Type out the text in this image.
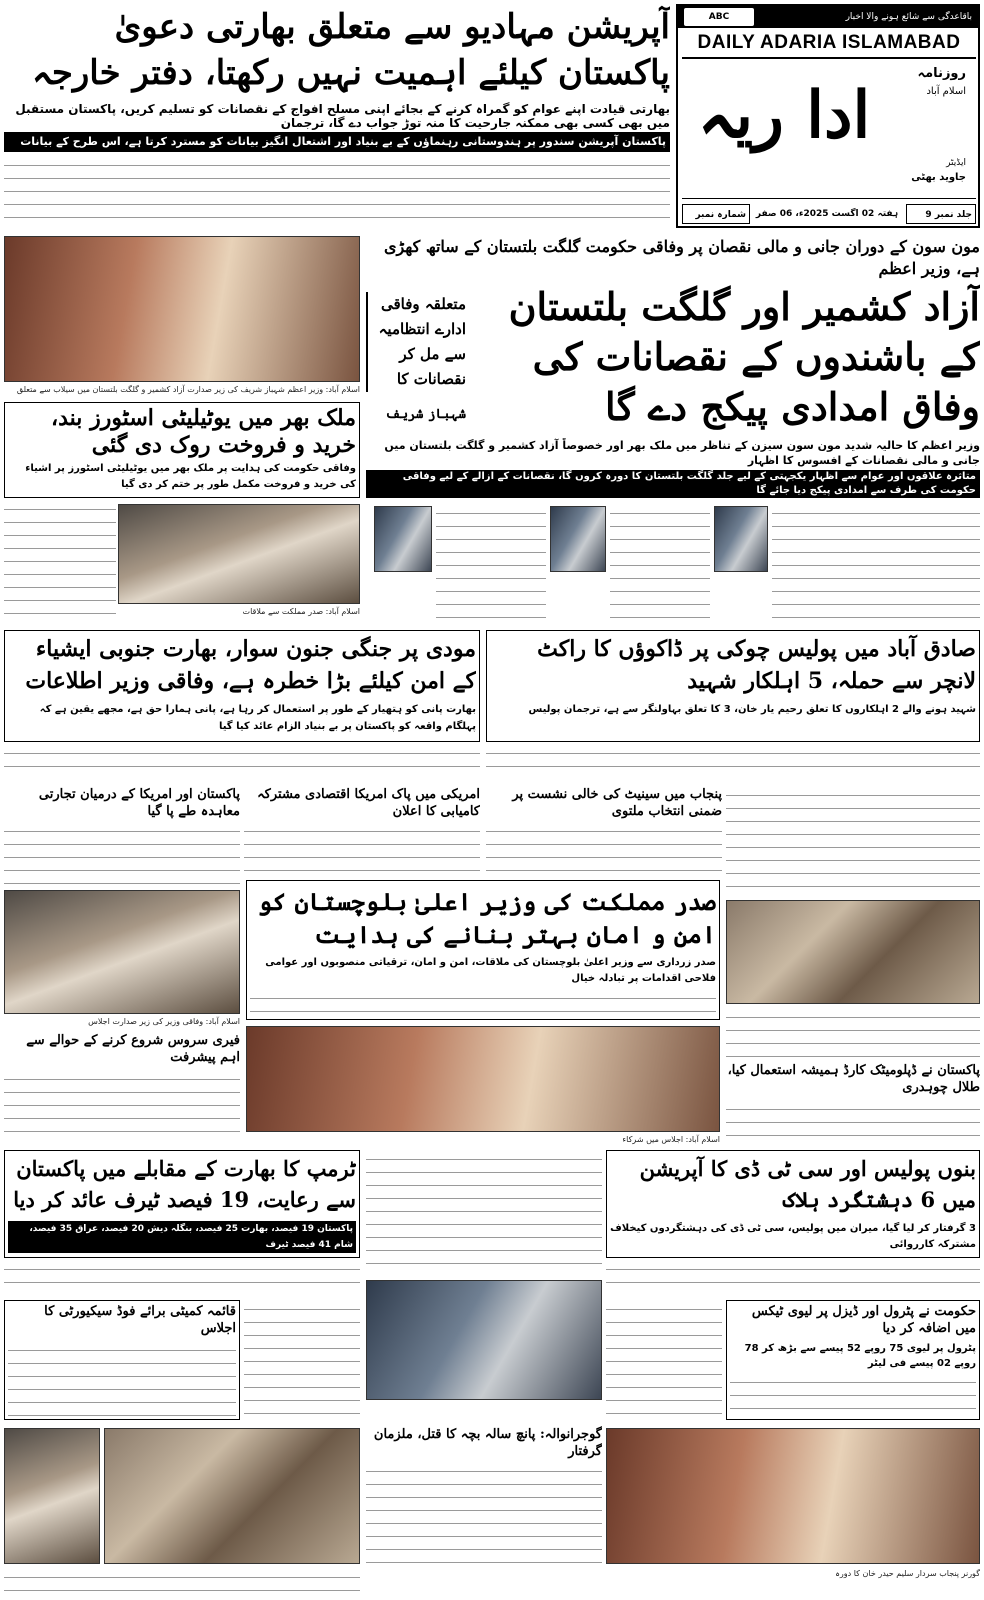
ABC	باقاعدگی سے شائع ہونے والا اخبار
DAILY ADARIA ISLAMABAD
روزنامہ
اسلام آباد
ادا ریہ
ایڈیٹر
جاوید بھٹی
جلد نمبر 9
ہفتہ 02 اگست 2025ء، 06 صفر
شمارہ نمبر
آپریشن مہادیو سے متعلق بھارتی دعویٰ پاکستان کیلئے اہمیت نہیں رکھتا، دفتر خارجہ
بھارتی قیادت اپنے عوام کو گمراہ کرنے کے بجائے اپنی مسلح افواج کے نقصانات کو تسلیم کریں، پاکستان مستقبل میں بھی کسی بھی ممکنہ جارحیت کا منہ توڑ جواب دے گا، ترجمان
پاکستان آپریشن سندور پر ہندوستانی رہنماؤں کے بے بنیاد اور اشتعال انگیز بیانات کو مسترد کرتا ہے، اس طرح کے بیانات
اسلام آباد: وزیر اعظم شہباز شریف کی زیر صدارت آزاد کشمیر و گلگت بلتستان میں سیلاب سے متعلق
ملک بھر میں یوٹیلیٹی اسٹورز بند، خرید و فروخت روک دی گئی
وفاقی حکومت کی ہدایت پر ملک بھر میں یوٹیلیٹی اسٹورز پر اشیاء کی خرید و فروخت مکمل طور پر ختم کر دی گیا
اسلام آباد: صدر مملکت سے ملاقات
مون سون کے دوران جانی و مالی نقصان پر وفاقی حکومت گلگت بلتستان کے ساتھ کھڑی ہے، وزیر اعظم
آزاد کشمیر اور گلگت بلتستان کے باشندوں کے نقصانات کی وفاق امدادی پیکج دے گا
متعلقہ وفاقی ادارے انتظامیہ سے مل کر نقصانات کا
شہباز شریف
وزیر اعظم کا حالیہ شدید مون سون سیزن کے تناظر میں ملک بھر اور خصوصاً آزاد کشمیر و گلگت بلتستان میں جانی و مالی نقصانات کے افسوس کا اظہار
متاثرہ علاقوں اور عوام سے اظہار یکجہتی کے لیے جلد گلگت بلتستان کا دورہ کروں گا، نقصانات کے ازالے کے لیے وفاقی حکومت کی طرف سے امدادی پیکج دیا جائے گا
مودی پر جنگی جنون سوار، بھارت جنوبی ایشیاء کے امن کیلئے بڑا خطرہ ہے، وفاقی وزیر اطلاعات
بھارت پانی کو ہتھیار کے طور پر استعمال کر رہا ہے، پانی ہمارا حق ہے، مجھے یقین ہے کہ پہلگام واقعہ کو پاکستان پر بے بنیاد الزام عائد کیا گیا
صادق آباد میں پولیس چوکی پر ڈاکوؤں کا راکٹ لانچر سے حملہ، 5 اہلکار شہید
شہید ہونے والے 2 اہلکاروں کا تعلق رحیم یار خان، 3 کا تعلق بہاولنگر سے ہے، ترجمان پولیس
پاکستان اور امریکا کے درمیان تجارتی معاہدہ طے پا گیا
امریکی میں پاک امریکا اقتصادی مشترکہ کامیابی کا اعلان
پنجاب میں سینیٹ کی خالی نشست پر ضمنی انتخاب ملتوی
اسلام آباد: وفاقی وزیر کی زیر صدارت اجلاس
صدر مملکت کی وزیر اعلیٰ بلوچستان کو امن و امان بہتر بنانے کی ہدایت
صدر زرداری سے وزیر اعلیٰ بلوچستان کی ملاقات، امن و امان، ترقیاتی منصوبوں اور عوامی فلاحی اقدامات پر تبادلہ خیال
فیری سروس شروع کرنے کے حوالے سے اہم پیشرفت
اسلام آباد: اجلاس میں شرکاء
پاکستان نے ڈپلومیٹک کارڈ ہمیشہ استعمال کیا، طلال چوہدری
ٹرمپ کا بھارت کے مقابلے میں پاکستان سے رعایت، 19 فیصد ٹیرف عائد کر دیا
پاکستان 19 فیصد، بھارت 25 فیصد، بنگلہ دیش 20 فیصد، عراق 35 فیصد، شام 41 فیصد ٹیرف
بنوں پولیس اور سی ٹی ڈی کا آپریشن میں 6 دہشتگرد ہلاک
3 گرفتار کر لیا گیا، میران میں پولیس، سی ٹی ڈی کی دہشتگردوں کیخلاف مشترکہ کارروائی
قائمہ کمیٹی برائے فوڈ سیکیورٹی کا اجلاس
حکومت نے پٹرول اور ڈیزل پر لیوی ٹیکس میں اضافہ کر دیا
پٹرول پر لیوی 75 روپے 52 پیسے سے بڑھ کر 78 روپے 02 پیسے فی لیٹر
گوجرانوالہ: پانچ سالہ بچہ کا قتل، ملزمان گرفتار
گورنر پنجاب سردار سلیم حیدر خان کا دورہ
